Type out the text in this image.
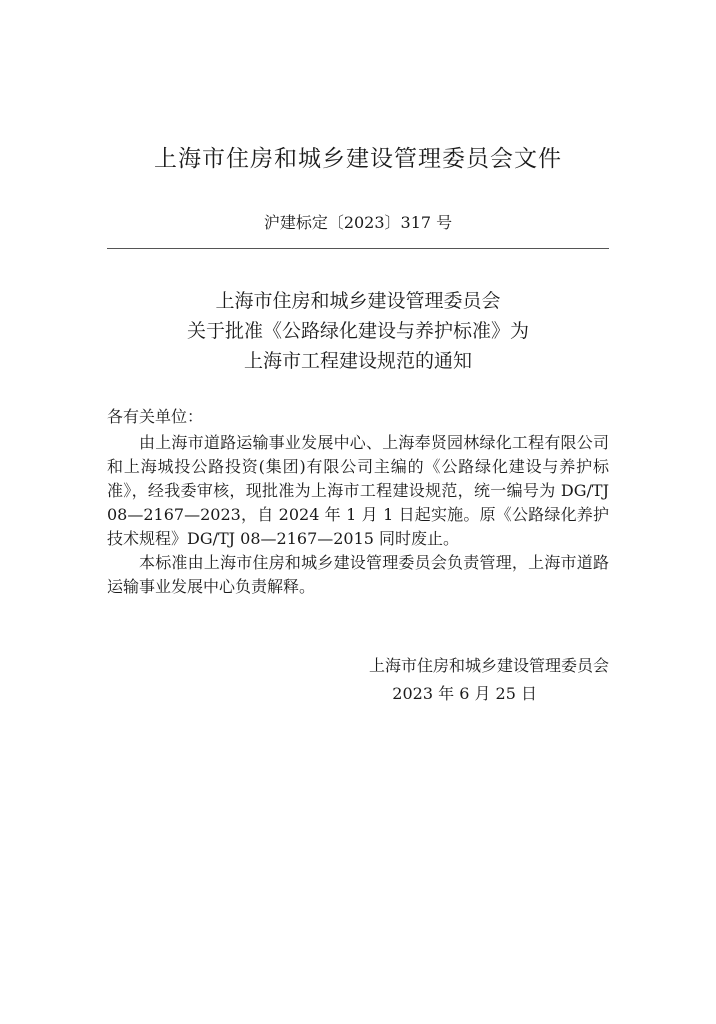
上海市住房和城乡建设管理委员会文件
沪建标定〔2023〕317 号
上海市住房和城乡建设管理委员会
关于批准《公路绿化建设与养护标准》为
上海市工程建设规范的通知

各有关单位：

由上海市道路运输事业发展中心、上海奉贤园林绿化工程有限公司和上海城投公路投资(集团)有限公司主编的《公路绿化建设与养护标准》，经我委审核，现批准为上海市工程建设规范，统一编号为 DG/TJ 08—2167—2023，自 2024 年 1 月 1 日起实施。原《公路绿化养护技术规程》DG/TJ 08—2167—2015 同时废止。

本标准由上海市住房和城乡建设管理委员会负责管理，上海市道路运输事业发展中心负责解释。

上海市住房和城乡建设管理委员会
2023 年 6 月 25 日
